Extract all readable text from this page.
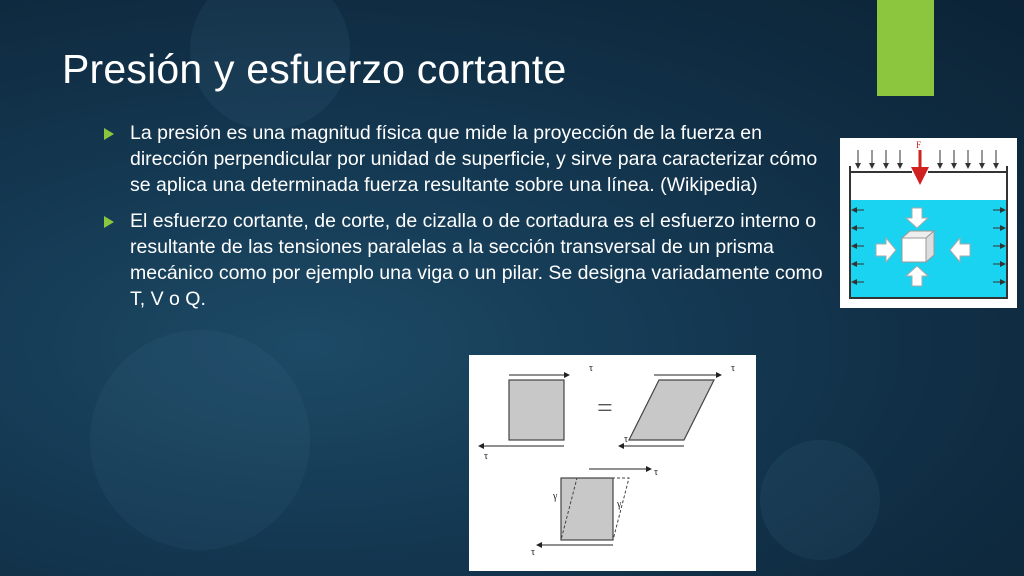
Presión y esfuerzo cortante
La presión es una magnitud física que mide la proyección de la fuerza en dirección perpendicular por unidad de superficie, y sirve para caracterizar cómo se aplica una determinada fuerza resultante sobre una línea. (Wikipedia)
El esfuerzo cortante, de corte, de cizalla o de cortadura es el esfuerzo interno o resultante de las tensiones paralelas a la sección transversal de un prisma mecánico como por ejemplo una viga o un pilar. Se designa variadamente como T, V o Q.
F
τ
τ
=
τ
τ
τ
τ
γ
γ
